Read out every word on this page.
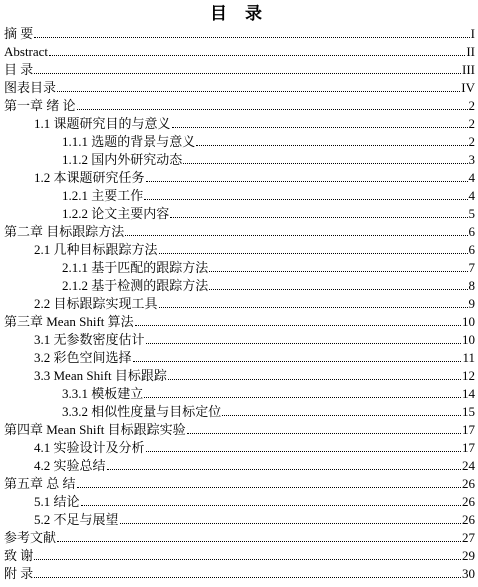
目 录
摘 要	I
Abstract	II
目 录	III
图表目录	IV
第一章 绪 论	2
1.1 课题研究目的与意义	2
1.1.1 选题的背景与意义	2
1.1.2 国内外研究动态	3
1.2 本课题研究任务	4
1.2.1 主要工作	4
1.2.2 论文主要内容	5
第二章 目标跟踪方法	6
2.1 几种目标跟踪方法	6
2.1.1 基于匹配的跟踪方法	7
2.1.2 基于检测的跟踪方法	8
2.2 目标跟踪实现工具	9
第三章 Mean Shift 算法	10
3.1 无参数密度估计	10
3.2 彩色空间选择	11
3.3 Mean Shift 目标跟踪	12
3.3.1 模板建立	14
3.3.2 相似性度量与目标定位	15
第四章 Mean Shift 目标跟踪实验	17
4.1 实验设计及分析	17
4.2 实验总结	24
第五章 总 结	26
5.1 结论	26
5.2 不足与展望	26
参考文献	27
致 谢	29
附 录	30
